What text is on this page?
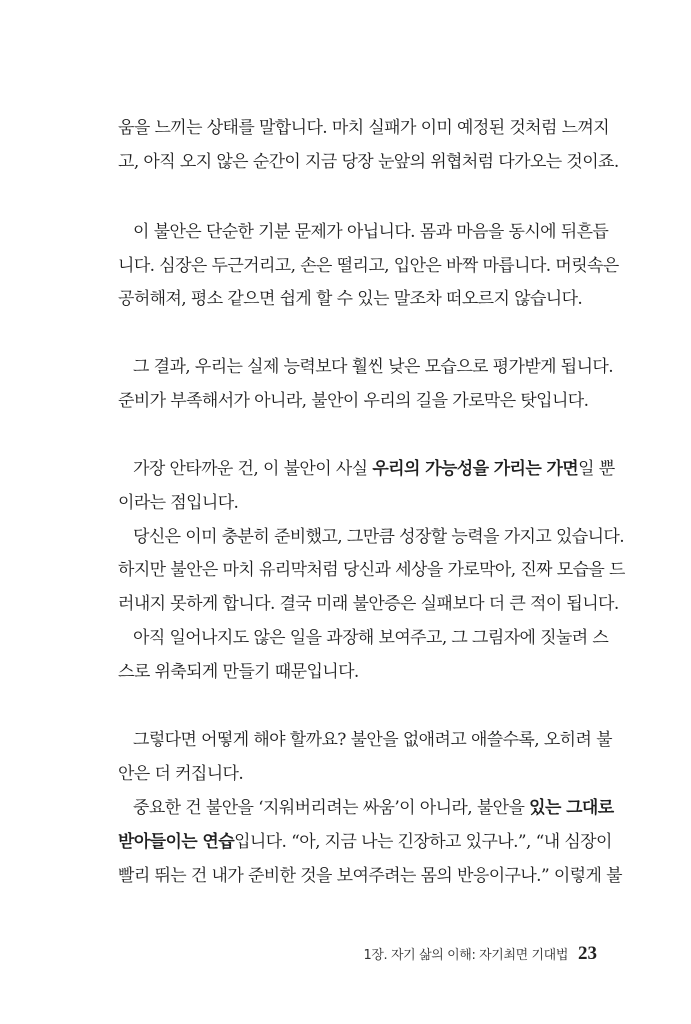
움을 느끼는 상태를 말합니다. 마치 실패가 이미 예정된 것처럼 느껴지
고, 아직 오지 않은 순간이 지금 당장 눈앞의 위협처럼 다가오는 것이죠.
이 불안은 단순한 기분 문제가 아닙니다. 몸과 마음을 동시에 뒤흔듭
니다. 심장은 두근거리고, 손은 떨리고, 입안은 바짝 마릅니다. 머릿속은
공허해져, 평소 같으면 쉽게 할 수 있는 말조차 떠오르지 않습니다.
그 결과, 우리는 실제 능력보다 훨씬 낮은 모습으로 평가받게 됩니다.
준비가 부족해서가 아니라, 불안이 우리의 길을 가로막은 탓입니다.
가장 안타까운 건, 이 불안이 사실 우리의 가능성을 가리는 가면일 뿐
이라는 점입니다.
당신은 이미 충분히 준비했고, 그만큼 성장할 능력을 가지고 있습니다.
하지만 불안은 마치 유리막처럼 당신과 세상을 가로막아, 진짜 모습을 드
러내지 못하게 합니다. 결국 미래 불안증은 실패보다 더 큰 적이 됩니다.
아직 일어나지도 않은 일을 과장해 보여주고, 그 그림자에 짓눌려 스
스로 위축되게 만들기 때문입니다.
그렇다면 어떻게 해야 할까요? 불안을 없애려고 애쓸수록, 오히려 불
안은 더 커집니다.
중요한 건 불안을 ‘지워버리려는 싸움’이 아니라, 불안을 있는 그대로
받아들이는 연습입니다. “아, 지금 나는 긴장하고 있구나.”, “내 심장이
빨리 뛰는 건 내가 준비한 것을 보여주려는 몸의 반응이구나.” 이렇게 불
1장. 자기 삶의 이해: 자기최면 기대법 23
